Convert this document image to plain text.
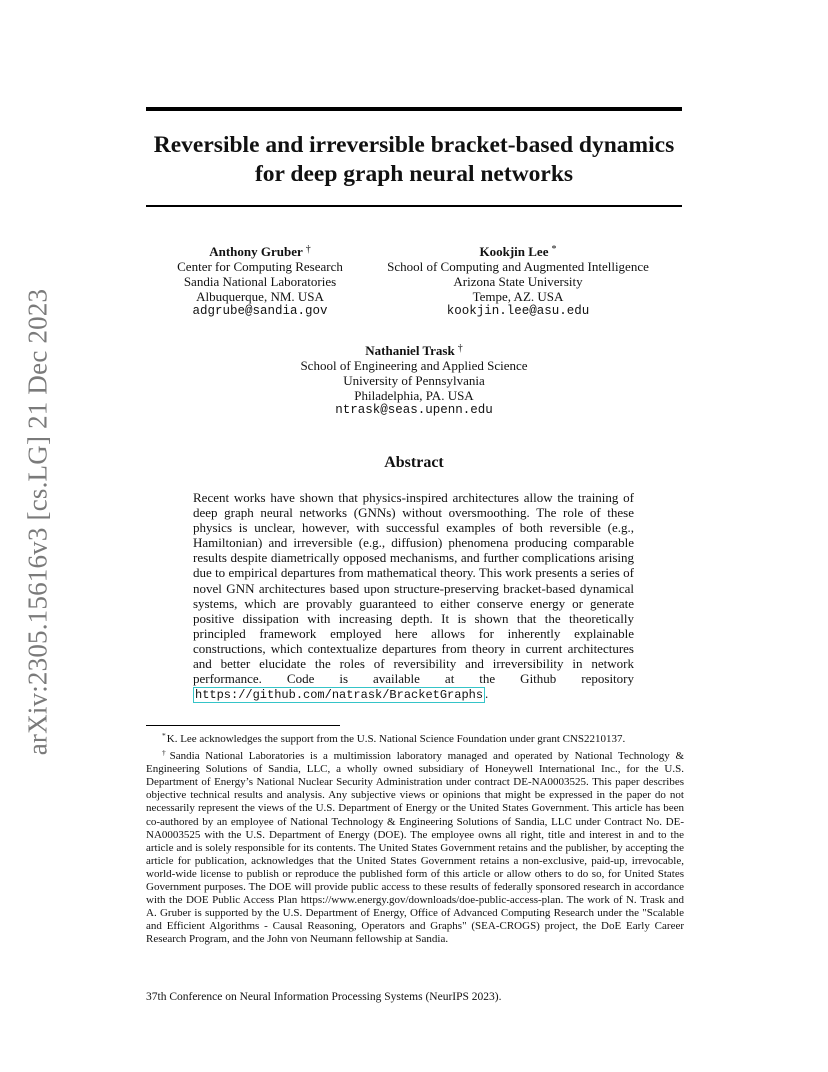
arXiv:2305.15616v3 [cs.LG] 21 Dec 2023
Reversible and irreversible bracket-based dynamics
for deep graph neural networks
Anthony Gruber †
Center for Computing Research
Sandia National Laboratories
Albuquerque, NM. USA
adgrube@sandia.gov
Kookjin Lee *
School of Computing and Augmented Intelligence
Arizona State University
Tempe, AZ. USA
kookjin.lee@asu.edu
Nathaniel Trask †
School of Engineering and Applied Science
University of Pennsylvania
Philadelphia, PA. USA
ntrask@seas.upenn.edu
Abstract
Recent works have shown that physics-inspired architectures allow the training of deep graph neural networks (GNNs) without oversmoothing. The role of these physics is unclear, however, with successful examples of both reversible (e.g., Hamiltonian) and irreversible (e.g., diffusion) phenomena producing comparable results despite diametrically opposed mechanisms, and further complications arising due to empirical departures from mathematical theory. This work presents a series of novel GNN architectures based upon structure-preserving bracket-based dynamical systems, which are provably guaranteed to either conserve energy or generate positive dissipation with increasing depth. It is shown that the theoretically principled framework employed here allows for inherently explainable constructions, which contextualize departures from theory in current architectures and better elucidate the roles of reversibility and irreversibility in network performance. Code is available at the Github repository https://github.com/natrask/BracketGraphs .

*K. Lee acknowledges the support from the U.S. National Science Foundation under grant CNS2210137.

†Sandia National Laboratories is a multimission laboratory managed and operated by National Technology & Engineering Solutions of Sandia, LLC, a wholly owned subsidiary of Honeywell International Inc., for the U.S. Department of Energy’s National Nuclear Security Administration under contract DE-NA0003525. This paper describes objective technical results and analysis. Any subjective views or opinions that might be expressed in the paper do not necessarily represent the views of the U.S. Department of Energy or the United States Government. This article has been co-authored by an employee of National Technology & Engineering Solutions of Sandia, LLC under Contract No. DE-NA0003525 with the U.S. Department of Energy (DOE). The employee owns all right, title and interest in and to the article and is solely responsible for its contents. The United States Government retains and the publisher, by accepting the article for publication, acknowledges that the United States Government retains a non-exclusive, paid-up, irrevocable, world-wide license to publish or reproduce the published form of this article or allow others to do so, for United States Government purposes. The DOE will provide public access to these results of federally sponsored research in accordance with the DOE Public Access Plan https://www.energy.gov/downloads/doe-public-access-plan. The work of N. Trask and A. Gruber is supported by the U.S. Department of Energy, Office of Advanced Computing Research under the "Scalable and Efficient Algorithms - Causal Reasoning, Operators and Graphs" (SEA-CROGS) project, the DoE Early Career Research Program, and the John von Neumann fellowship at Sandia.

37th Conference on Neural Information Processing Systems (NeurIPS 2023).
